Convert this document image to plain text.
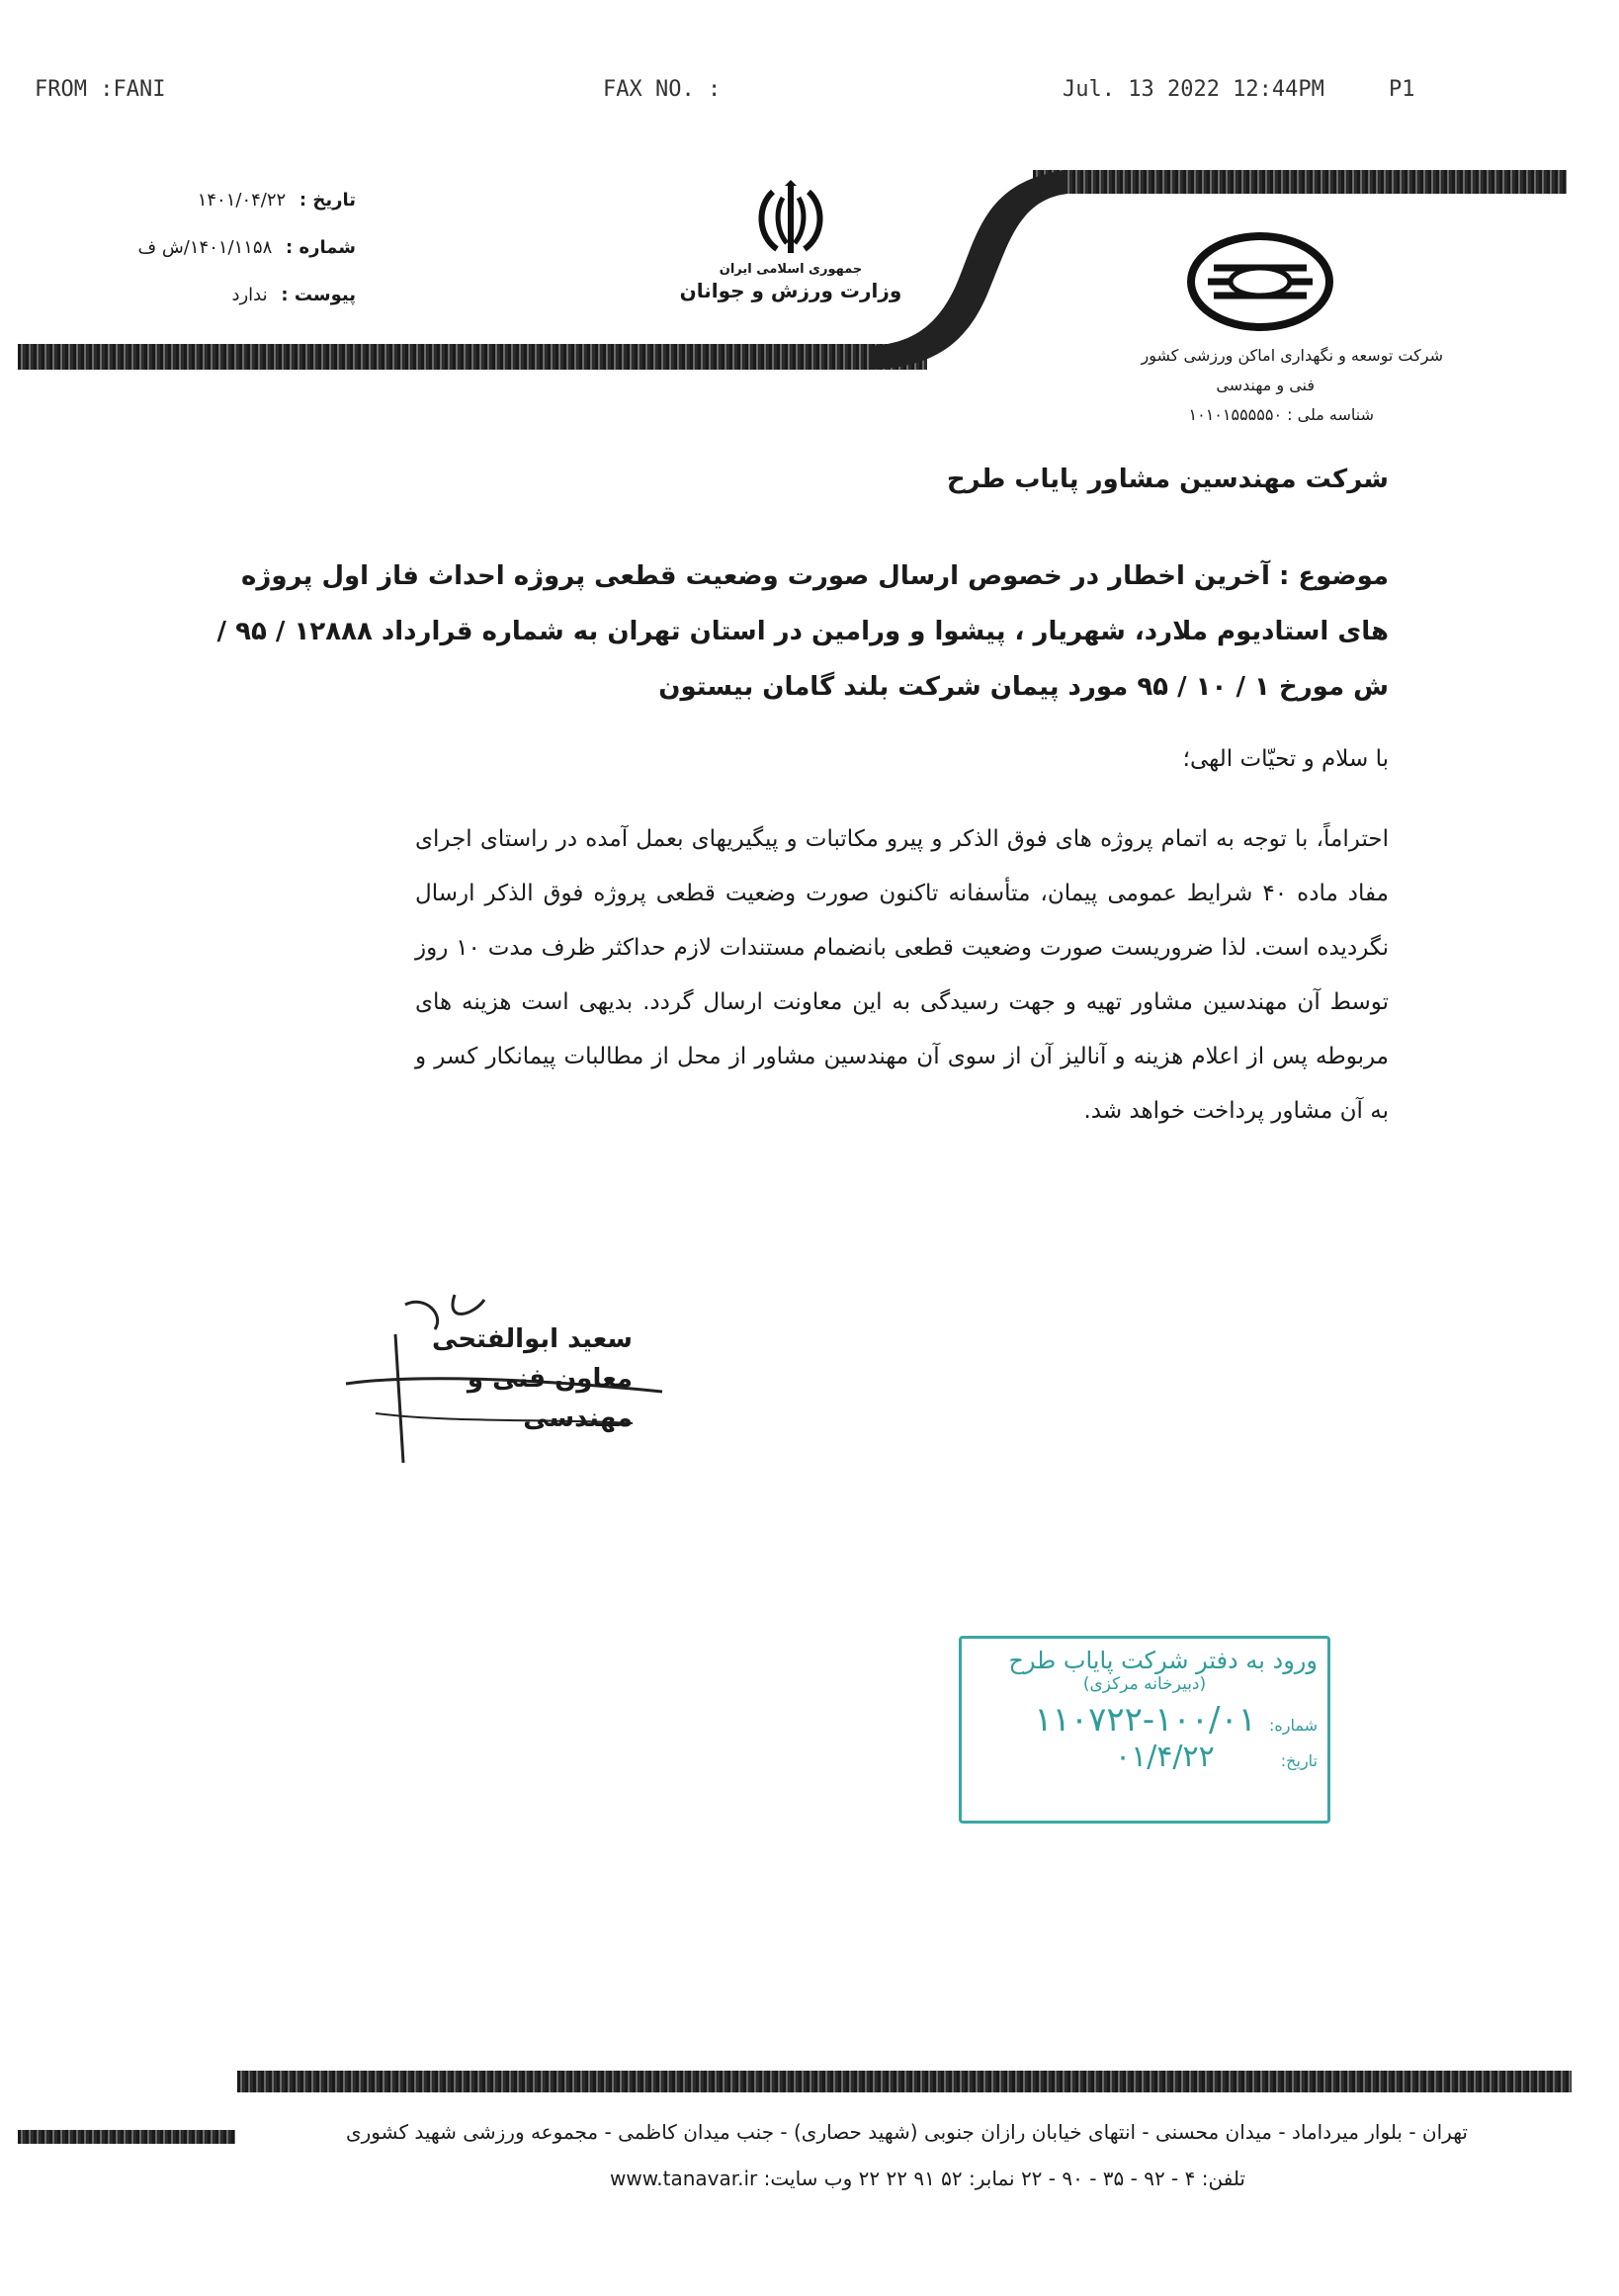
FROM :FANI	FAX NO. :	Jul. 13 2022 12:44PM	P1
تاریخ : ۱۴۰۱/۰۴/۲۲
شماره : ۱۴۰۱/۱۱۵۸/ش ف
پیوست : ندارد
جمهوری اسلامی ایران
وزارت ورزش و جوانان
شرکت توسعه و نگهداری اماکن ورزشی کشور
فنی و مهندسی
شناسه ملی : ۱۰۱۰۱۵۵۵۵۵۰
شرکت مهندسین مشاور پایاب طرح
موضوع : آخرین اخطار در خصوص ارسال صورت وضعیت قطعی پروژه احداث فاز اول پروژه های استادیوم ملارد، شهریار ، پیشوا و ورامین در استان تهران به شماره قرارداد ۱۲۸۸۸ / ۹۵ / ش مورخ ۱ / ۱۰ / ۹۵ مورد پیمان شرکت بلند گامان بیستون
با سلام و تحیّات الهی؛
احتراماً، با توجه به اتمام پروژه های فوق الذکر و پیرو مکاتبات و پیگیریهای بعمل آمده در راستای اجرای مفاد ماده ۴۰ شرایط عمومی پیمان، متأسفانه تاکنون صورت وضعیت قطعی پروژه فوق الذکر ارسال نگردیده است. لذا ضروریست صورت وضعیت قطعی بانضمام مستندات لازم حداکثر ظرف مدت ۱۰ روز توسط آن مهندسین مشاور تهیه و جهت رسیدگی به این معاونت ارسال گردد. بدیهی است هزینه های مربوطه پس از اعلام هزینه و آنالیز آن از سوی آن مهندسین مشاور از محل از مطالبات پیمانکار کسر و به آن مشاور پرداخت خواهد شد.
سعید ابوالفتحی
معاون فنی و مهندسی
ورود به دفتر شرکت پایاب طرح
(دبیرخانه مرکزی)
شماره: ۱۰۰/۰۱-۱۱۰۷۲۲
تاریخ: ۰۱/۴/۲۲
تهران - بلوار میرداماد - میدان محسنی - انتهای خیابان رازان جنوبی (شهید حصاری) - جنب میدان کاظمی - مجموعه ورزشی شهید کشوری
تلفن: ۴ - ۹۲ - ۳۵ - ۹۰ - ۲۲ نمابر: ۵۲ ۹۱ ۲۲ ۲۲ وب سایت: www.tanavar.ir
